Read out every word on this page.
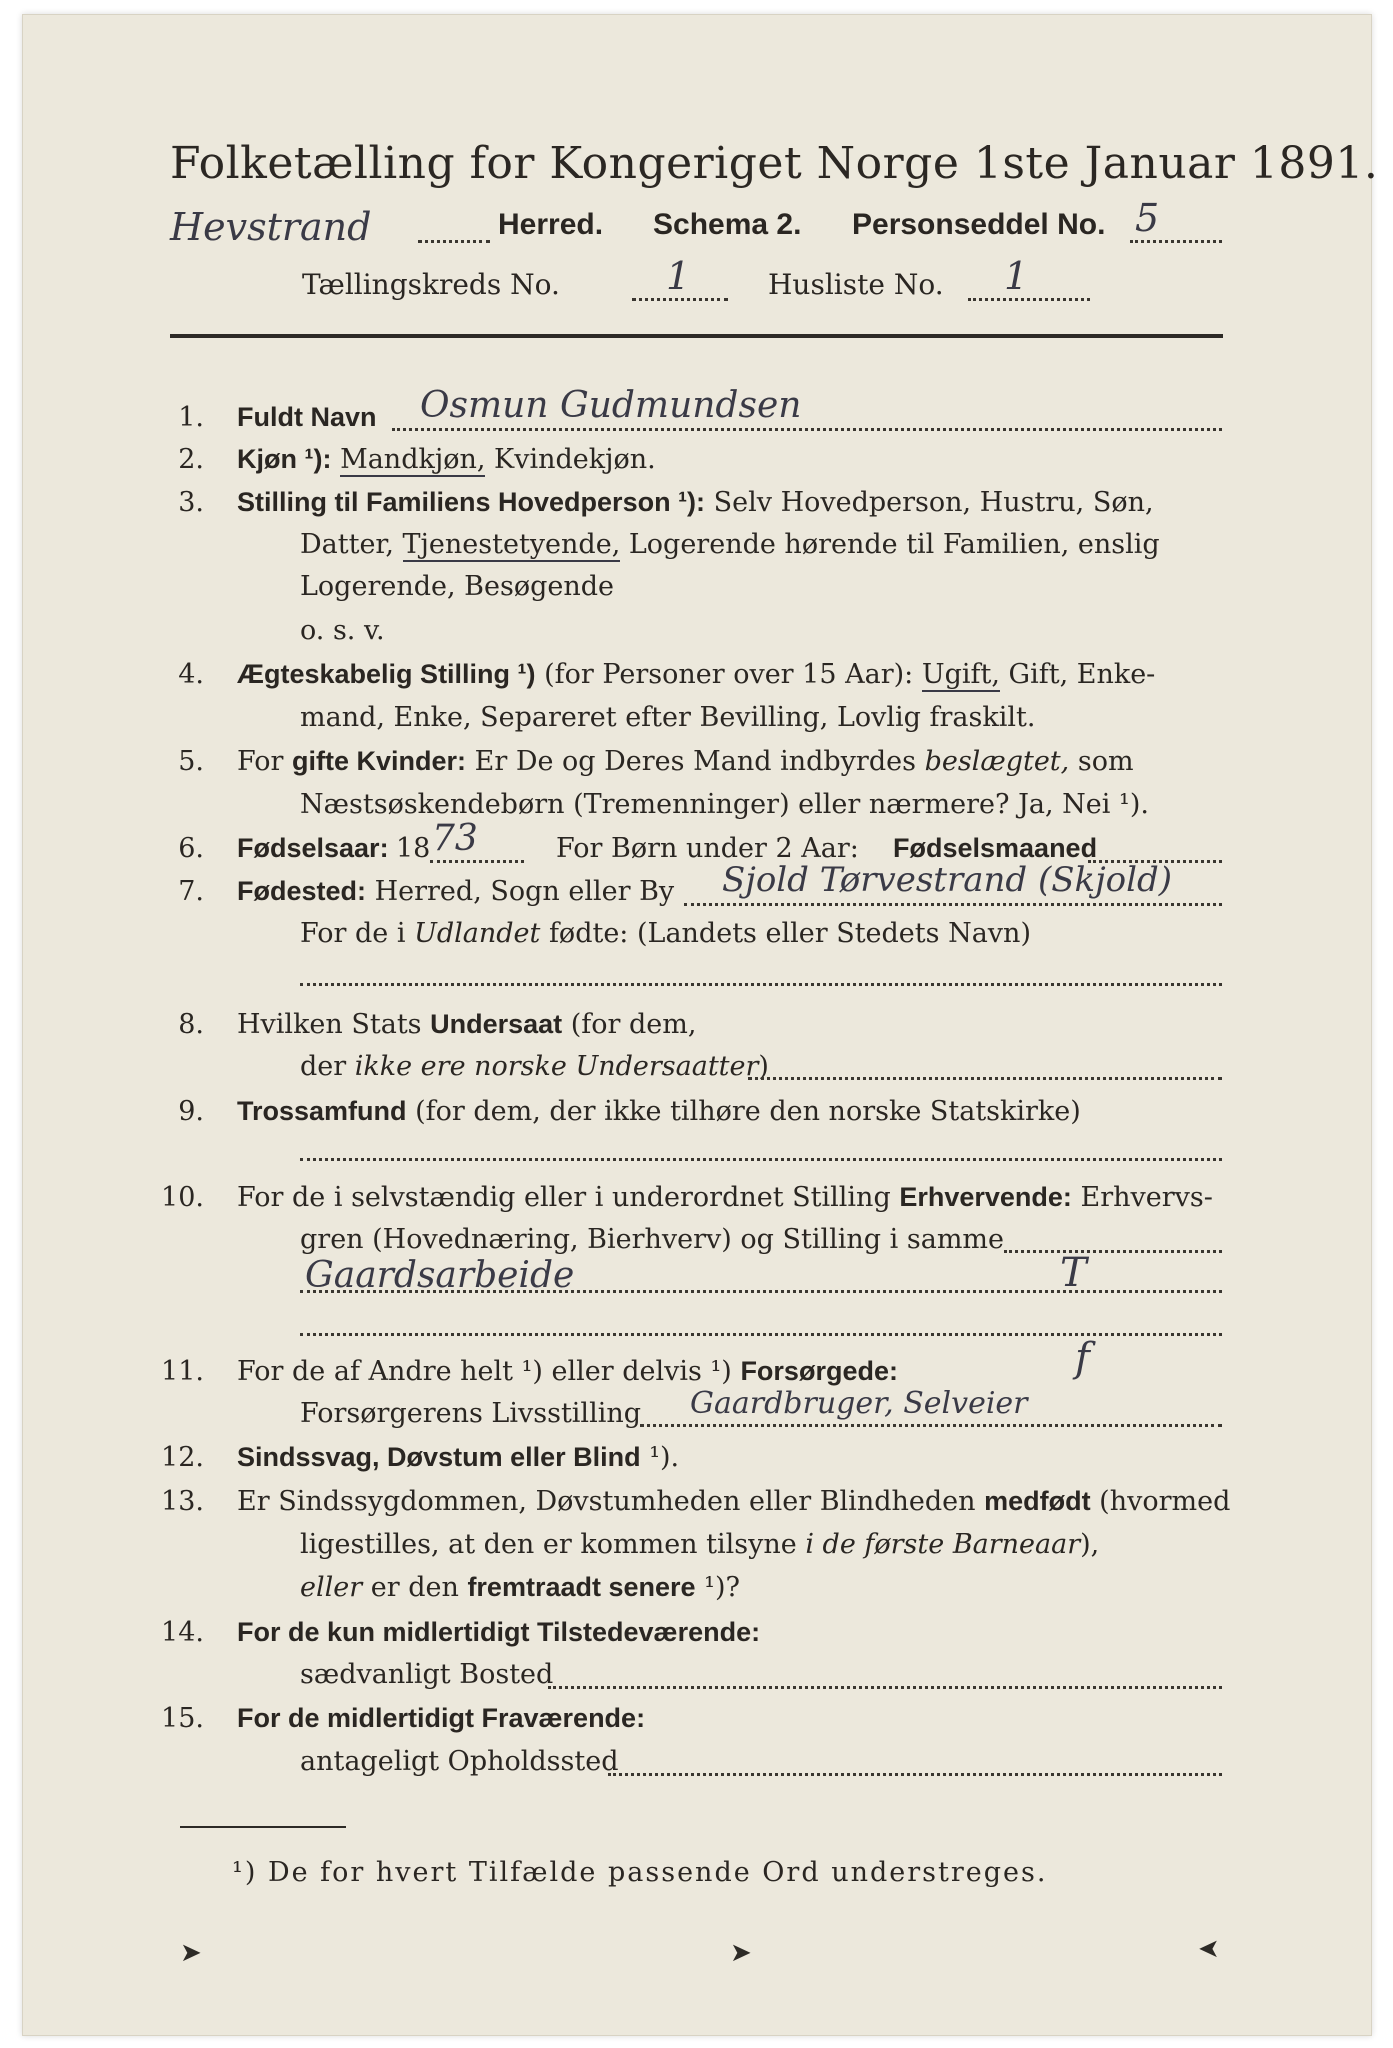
Folketælling for Kongeriget Norge 1ste Januar 1891.
Hevstrand	Herred. Schema 2. Personseddel No. 5
Tællingskreds No.	1	Husliste No. 1
1. Fuldt Navn Osmun Gudmundsen
2. Kjøn ¹): Mandkjøn, Kvindekjøn.
3. Stilling til Familiens Hovedperson ¹): Selv Hovedperson, Hustru, Søn,
Datter, Tjenestetyende, Logerende hørende til Familien, enslig
Logerende, Besøgende
o. s. v.
4. Ægteskabelig Stilling ¹) (for Personer over 15 Aar): Ugift, Gift, Enke-
mand, Enke, Separeret efter Bevilling, Lovlig fraskilt.
5. For gifte Kvinder: Er De og Deres Mand indbyrdes beslægtet, som
Næstsøskendebørn (Tremenninger) eller nærmere? Ja, Nei ¹).
6. Fødselsaar: 18 73	For Børn under 2 Aar: Fødselsmaaned
7. Fødested: Herred, Sogn eller By Sjold Tørvestrand (Skjold)
For de i Udlandet fødte: (Landets eller Stedets Navn)
8. Hvilken Stats Undersaat (for dem,
der ikke ere norske Undersaatter)
9. Trossamfund (for dem, der ikke tilhøre den norske Statskirke)
10. For de i selvstændig eller i underordnet Stilling Erhvervende: Erhvervs-
gren (Hovednæring, Bierhverv) og Stilling i samme
Gaardsarbeide	T
11. For de af Andre helt ¹) eller delvis ¹) Forsørgede:	f
Forsørgerens Livsstilling Gaardbruger, Selveier
12. Sindssvag, Døvstum eller Blind ¹).
13. Er Sindssygdommen, Døvstumheden eller Blindheden medfødt (hvormed
ligestilles, at den er kommen tilsyne i de første Barneaar),
eller er den fremtraadt senere ¹)?
14. For de kun midlertidigt Tilstedeværende:
sædvanligt Bosted
15. For de midlertidigt Fraværende:
antageligt Opholdssted
¹) De for hvert Tilfælde passende Ord understreges.
➤	➤	➤
